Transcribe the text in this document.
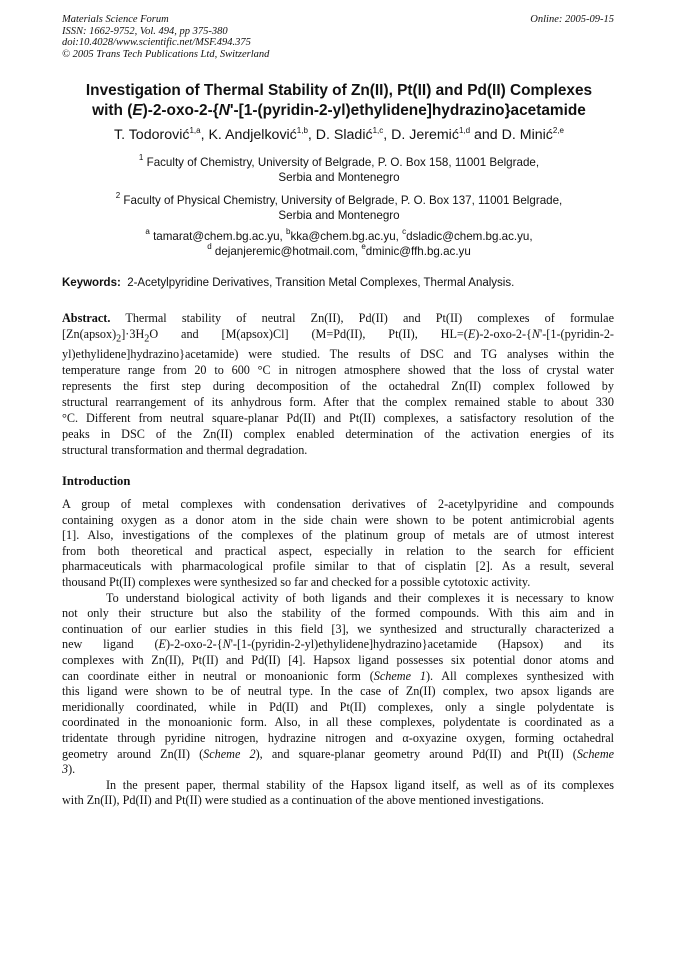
Materials Science Forum
ISSN: 1662-9752, Vol. 494, pp 375-380
doi:10.4028/www.scientific.net/MSF.494.375
© 2005 Trans Tech Publications Ltd, Switzerland
Online: 2005-09-15
Investigation of Thermal Stability of Zn(II), Pt(II) and Pd(II) Complexes
with (E)-2-oxo-2-{N'-[1-(pyridin-2-yl)ethylidene]hydrazino}acetamide
T. Todorović$^{1,a}$, K. Andjelković$^{1,b}$, D. Sladić$^{1,c}$, D. Jeremić$^{1,d}$ and D. Minić$^{2,e}$
$^1$ Faculty of Chemistry, University of Belgrade, P. O. Box 158, 11001 Belgrade,
Serbia and Montenegro
$^2$ Faculty of Physical Chemistry, University of Belgrade, P. O. Box 137, 11001 Belgrade,
Serbia and Montenegro
$^a$ tamarat@chem.bg.ac.yu, $^b$kka@chem.bg.ac.yu, $^c$dsladic@chem.bg.ac.yu,
$^d$ dejanjeremic@hotmail.com, $^e$dminic@ffh.bg.ac.yu
Keywords: 2-Acetylpyridine Derivatives, Transition Metal Complexes, Thermal Analysis.
Abstract. Thermal stability of neutral Zn(II), Pd(II) and Pt(II) complexes of formulae
$[Zn(apsox)_2]\cdot 3H_2O$ and [M(apsox)Cl] (M=Pd(II), Pt(II), HL=(E)-2-oxo-2-{N'-[1-(pyridin-2-
yl)ethylidene]hydrazino}acetamide) were studied. The results of DSC and TG analyses within the
temperature range from 20 to 600 °C in nitrogen atmosphere showed that the loss of crystal water
represents the first step during decomposition of the octahedral Zn(II) complex followed by
structural rearrangement of its anhydrous form. After that the complex remained stable to about 330
°C. Different from neutral square-planar Pd(II) and Pt(II) complexes, a satisfactory resolution of the
peaks in DSC of the Zn(II) complex enabled determination of the activation energies of its
structural transformation and thermal degradation.
Introduction
A group of metal complexes with condensation derivatives of 2-acetylpyridine and compounds
containing oxygen as a donor atom in the side chain were shown to be potent antimicrobial agents
[1]. Also, investigations of the complexes of the platinum group of metals are of utmost interest
from both theoretical and practical aspect, especially in relation to the search for efficient
pharmaceuticals with pharmacological profile similar to that of cisplatin [2]. As a result, several
thousand Pt(II) complexes were synthesized so far and checked for a possible cytotoxic activity.
To understand biological activity of both ligands and their complexes it is necessary to know
not only their structure but also the stability of the formed compounds. With this aim and in
continuation of our earlier studies in this field [3], we synthesized and structurally characterized a
new ligand (E)-2-oxo-2-{N'-[1-(pyridin-2-yl)ethylidene]hydrazino}acetamide (Hapsox) and its
complexes with Zn(II), Pt(II) and Pd(II) [4]. Hapsox ligand possesses six potential donor atoms and
can coordinate either in neutral or monoanionic form (Scheme 1). All complexes synthesized with
this ligand were shown to be of neutral type. In the case of Zn(II) complex, two apsox ligands are
meridionally coordinated, while in Pd(II) and Pt(II) complexes, only a single polydentate is
coordinated in the monoanionic form. Also, in all these complexes, polydentate is coordinated as a
tridentate through pyridine nitrogen, hydrazine nitrogen and α-oxyazine oxygen, forming octahedral
geometry around Zn(II) (Scheme 2), and square-planar geometry around Pd(II) and Pt(II) (Scheme
3).
In the present paper, thermal stability of the Hapsox ligand itself, as well as of its complexes
with Zn(II), Pd(II) and Pt(II) were studied as a continuation of the above mentioned investigations.
